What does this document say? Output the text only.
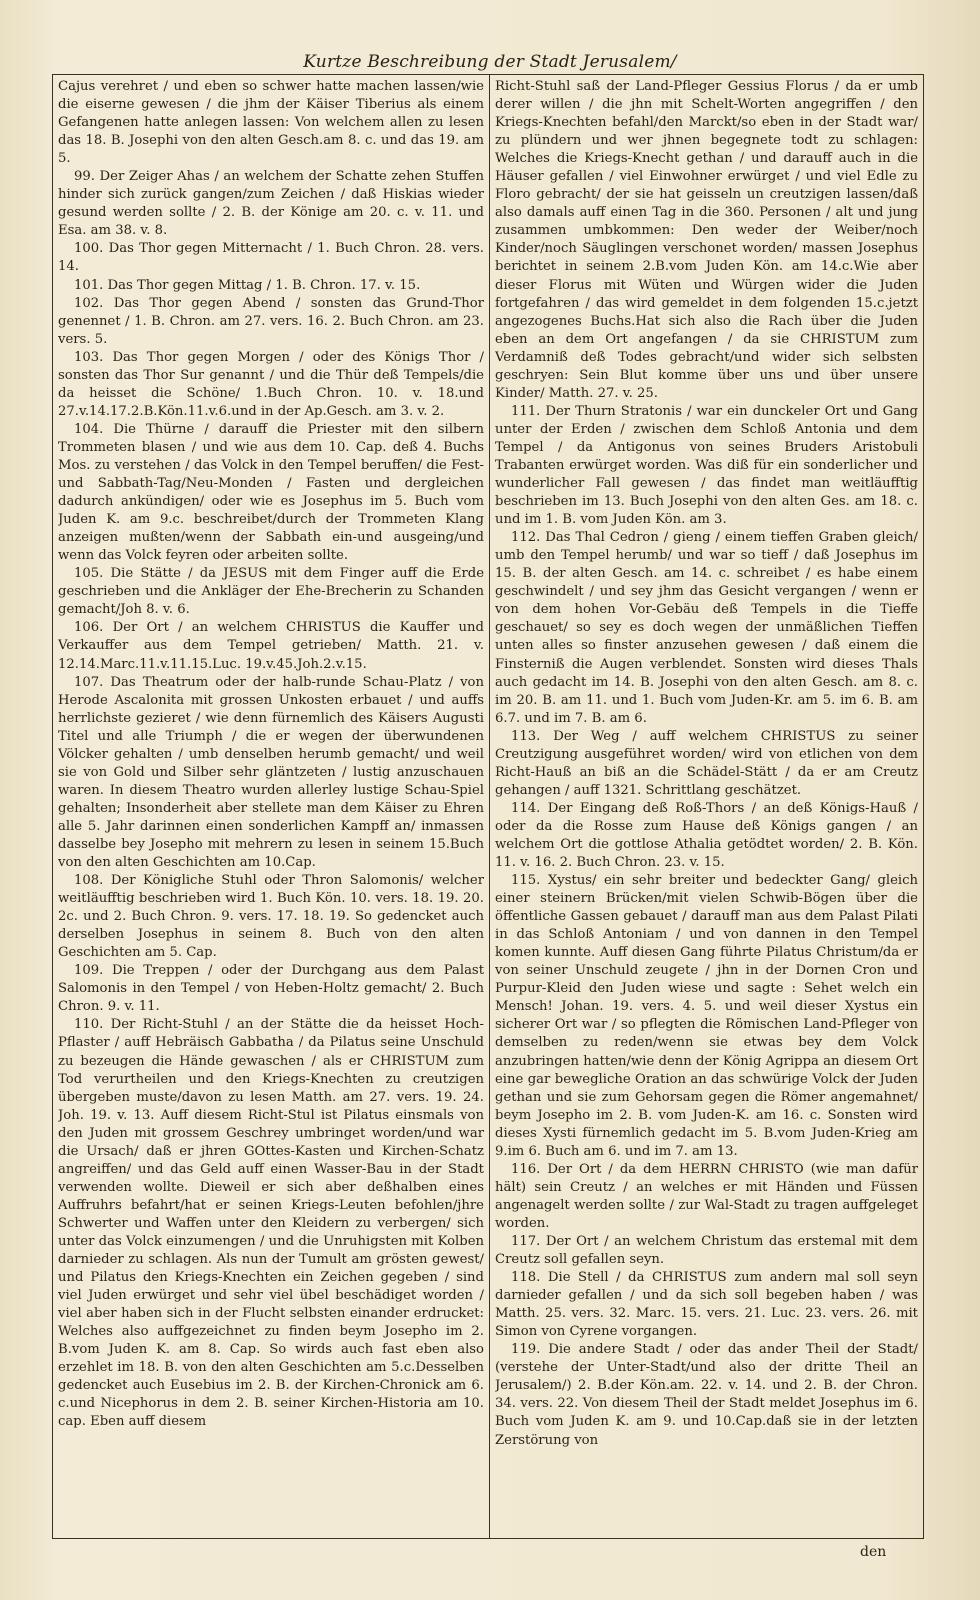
Kurtze Beschreibung der Stadt Jerusalem/

Cajus verehret / und eben so schwer hatte machen lassen/wie die eiserne gewesen / die jhm der Käiser Tiberius als einem Gefangenen hatte anlegen lassen: Von welchem allen zu lesen das 18. B. Josephi von den alten Gesch.am 8. c. und das 19. am 5.

99. Der Zeiger Ahas / an welchem der Schatte zehen Stuffen hinder sich zurück gangen/zum Zeichen / daß Hiskias wieder gesund werden sollte / 2. B. der Könige am 20. c. v. 11. und Esa. am 38. v. 8.

100. Das Thor gegen Mitternacht / 1. Buch Chron. 28. vers. 14.

101. Das Thor gegen Mittag / 1. B. Chron. 17. v. 15.

102. Das Thor gegen Abend / sonsten das Grund-Thor genennet / 1. B. Chron. am 27. vers. 16. 2. Buch Chron. am 23. vers. 5.

103. Das Thor gegen Morgen / oder des Königs Thor / sonsten das Thor Sur genannt / und die Thür deß Tempels/die da heisset die Schöne/ 1.Buch Chron. 10. v. 18.und 27.v.14.17.2.B.Kön.11.v.6.und in der Ap.Gesch. am 3. v. 2.

104. Die Thürne / darauff die Priester mit den silbern Trommeten blasen / und wie aus dem 10. Cap. deß 4. Buchs Mos. zu verstehen / das Volck in den Tempel beruffen/ die Fest- und Sabbath-Tag/Neu-Monden / Fasten und dergleichen dadurch ankündigen/ oder wie es Josephus im 5. Buch vom Juden K. am 9.c. beschreibet/durch der Trommeten Klang anzeigen mußten/wenn der Sabbath ein-und ausgeing/und wenn das Volck feyren oder arbeiten sollte.

105. Die Stätte / da JESUS mit dem Finger auff die Erde geschrieben und die Ankläger der Ehe-Brecherin zu Schanden gemacht/Joh 8. v. 6.

106. Der Ort / an welchem CHRISTUS die Kauffer und Verkauffer aus dem Tempel getrieben/ Matth. 21. v. 12.14.Marc.11.v.11.15.Luc. 19.v.45.Joh.2.v.15.

107. Das Theatrum oder der halb-runde Schau-Platz / von Herode Ascalonita mit grossen Unkosten erbauet / und auffs herrlichste gezieret / wie denn fürnemlich des Käisers Augusti Titel und alle Triumph / die er wegen der überwundenen Völcker gehalten / umb denselben herumb gemacht/ und weil sie von Gold und Silber sehr gläntzeten / lustig anzuschauen waren. In diesem Theatro wurden allerley lustige Schau-Spiel gehalten; Insonderheit aber stellete man dem Käiser zu Ehren alle 5. Jahr darinnen einen sonderlichen Kampff an/ inmassen dasselbe bey Josepho mit mehrern zu lesen in seinem 15.Buch von den alten Geschichten am 10.Cap.

108. Der Königliche Stuhl oder Thron Salomonis/ welcher weitläufftig beschrieben wird 1. Buch Kön. 10. vers. 18. 19. 20. 2c. und 2. Buch Chron. 9. vers. 17. 18. 19. So gedencket auch derselben Josephus in seinem 8. Buch von den alten Geschichten am 5. Cap.

109. Die Treppen / oder der Durchgang aus dem Palast Salomonis in den Tempel / von Heben-Holtz gemacht/ 2. Buch Chron. 9. v. 11.

110. Der Richt-Stuhl / an der Stätte die da heisset Hoch-Pflaster / auff Hebräisch Gabbatha / da Pilatus seine Unschuld zu bezeugen die Hände gewaschen / als er CHRISTUM zum Tod verurtheilen und den Kriegs-Knechten zu creutzigen übergeben muste/davon zu lesen Matth. am 27. vers. 19. 24. Joh. 19. v. 13. Auff diesem Richt-Stul ist Pilatus einsmals von den Juden mit grossem Geschrey umbringet worden/und war die Ursach/ daß er jhren GOttes-Kasten und Kirchen-Schatz angreiffen/ und das Geld auff einen Wasser-Bau in der Stadt verwenden wollte. Dieweil er sich aber deßhalben eines Auffruhrs befahrt/hat er seinen Kriegs-Leuten befohlen/jhre Schwerter und Waffen unter den Kleidern zu verbergen/ sich unter das Volck einzumengen / und die Unruhigsten mit Kolben darnieder zu schlagen. Als nun der Tumult am grösten gewest/ und Pilatus den Kriegs-Knechten ein Zeichen gegeben / sind viel Juden erwürget und sehr viel übel beschädiget worden / viel aber haben sich in der Flucht selbsten einander erdrucket: Welches also auffgezeichnet zu finden beym Josepho im 2. B.vom Juden K. am 8. Cap. So wirds auch fast eben also erzehlet im 18. B. von den alten Geschichten am 5.c.Desselben gedencket auch Eusebius im 2. B. der Kirchen-Chronick am 6. c.und Nicephorus in dem 2. B. seiner Kirchen-Historia am 10. cap. Eben auff diesem

Richt-Stuhl saß der Land-Pfleger Gessius Florus / da er umb derer willen / die jhn mit Schelt-Worten angegriffen / den Kriegs-Knechten befahl/den Marckt/so eben in der Stadt war/ zu plündern und wer jhnen begegnete todt zu schlagen: Welches die Kriegs-Knecht gethan / und darauff auch in die Häuser gefallen / viel Einwohner erwürget / und viel Edle zu Floro gebracht/ der sie hat geisseln un creutzigen lassen/daß also damals auff einen Tag in die 360. Personen / alt und jung zusammen umbkommen: Den weder der Weiber/noch Kinder/noch Säuglingen verschonet worden/ massen Josephus berichtet in seinem 2.B.vom Juden Kön. am 14.c.Wie aber dieser Florus mit Wüten und Würgen wider die Juden fortgefahren / das wird gemeldet in dem folgenden 15.c.jetzt angezogenes Buchs.Hat sich also die Rach über die Juden eben an dem Ort angefangen / da sie CHRISTUM zum Verdamniß deß Todes gebracht/und wider sich selbsten geschryen: Sein Blut komme über uns und über unsere Kinder/ Matth. 27. v. 25.

111. Der Thurn Stratonis / war ein dunckeler Ort und Gang unter der Erden / zwischen dem Schloß Antonia und dem Tempel / da Antigonus von seines Bruders Aristobuli Trabanten erwürget worden. Was diß für ein sonderlicher und wunderlicher Fall gewesen / das findet man weitläufftig beschrieben im 13. Buch Josephi von den alten Ges. am 18. c. und im 1. B. vom Juden Kön. am 3.

112. Das Thal Cedron / gieng / einem tieffen Graben gleich/ umb den Tempel herumb/ und war so tieff / daß Josephus im 15. B. der alten Gesch. am 14. c. schreibet / es habe einem geschwindelt / und sey jhm das Gesicht vergangen / wenn er von dem hohen Vor-Gebäu deß Tempels in die Tieffe geschauet/ so sey es doch wegen der unmäßlichen Tieffen unten alles so finster anzusehen gewesen / daß einem die Finsterniß die Augen verblendet. Sonsten wird dieses Thals auch gedacht im 14. B. Josephi von den alten Gesch. am 8. c. im 20. B. am 11. und 1. Buch vom Juden-Kr. am 5. im 6. B. am 6.7. und im 7. B. am 6.

113. Der Weg / auff welchem CHRISTUS zu seiner Creutzigung ausgeführet worden/ wird von etlichen von dem Richt-Hauß an biß an die Schädel-Stätt / da er am Creutz gehangen / auff 1321. Schrittlang geschätzet.

114. Der Eingang deß Roß-Thors / an deß Königs-Hauß / oder da die Rosse zum Hause deß Königs gangen / an welchem Ort die gottlose Athalia getödtet worden/ 2. B. Kön. 11. v. 16. 2. Buch Chron. 23. v. 15.

115. Xystus/ ein sehr breiter und bedeckter Gang/ gleich einer steinern Brücken/mit vielen Schwib-Bögen über die öffentliche Gassen gebauet / darauff man aus dem Palast Pilati in das Schloß Antoniam / und von dannen in den Tempel komen kunnte. Auff diesen Gang führte Pilatus Christum/da er von seiner Unschuld zeugete / jhn in der Dornen Cron und Purpur-Kleid den Juden wiese und sagte : Sehet welch ein Mensch! Johan. 19. vers. 4. 5. und weil dieser Xystus ein sicherer Ort war / so pflegten die Römischen Land-Pfleger von demselben zu reden/wenn sie etwas bey dem Volck anzubringen hatten/wie denn der König Agrippa an diesem Ort eine gar bewegliche Oration an das schwürige Volck der Juden gethan und sie zum Gehorsam gegen die Römer angemahnet/ beym Josepho im 2. B. vom Juden-K. am 16. c. Sonsten wird dieses Xysti fürnemlich gedacht im 5. B.vom Juden-Krieg am 9.im 6. Buch am 6. und im 7. am 13.

116. Der Ort / da dem HERRN CHRISTO (wie man dafür hält) sein Creutz / an welches er mit Händen und Füssen angenagelt werden sollte / zur Wal-Stadt zu tragen auffgeleget worden.

117. Der Ort / an welchem Christum das erstemal mit dem Creutz soll gefallen seyn.

118. Die Stell / da CHRISTUS zum andern mal soll seyn darnieder gefallen / und da sich soll begeben haben / was Matth. 25. vers. 32. Marc. 15. vers. 21. Luc. 23. vers. 26. mit Simon von Cyrene vorgangen.

119. Die andere Stadt / oder das ander Theil der Stadt/ (verstehe der Unter-Stadt/und also der dritte Theil an Jerusalem/) 2. B.der Kön.am. 22. v. 14. und 2. B. der Chron. 34. vers. 22. Von diesem Theil der Stadt meldet Josephus im 6. Buch vom Juden K. am 9. und 10.Cap.daß sie in der letzten Zerstörung von

den
